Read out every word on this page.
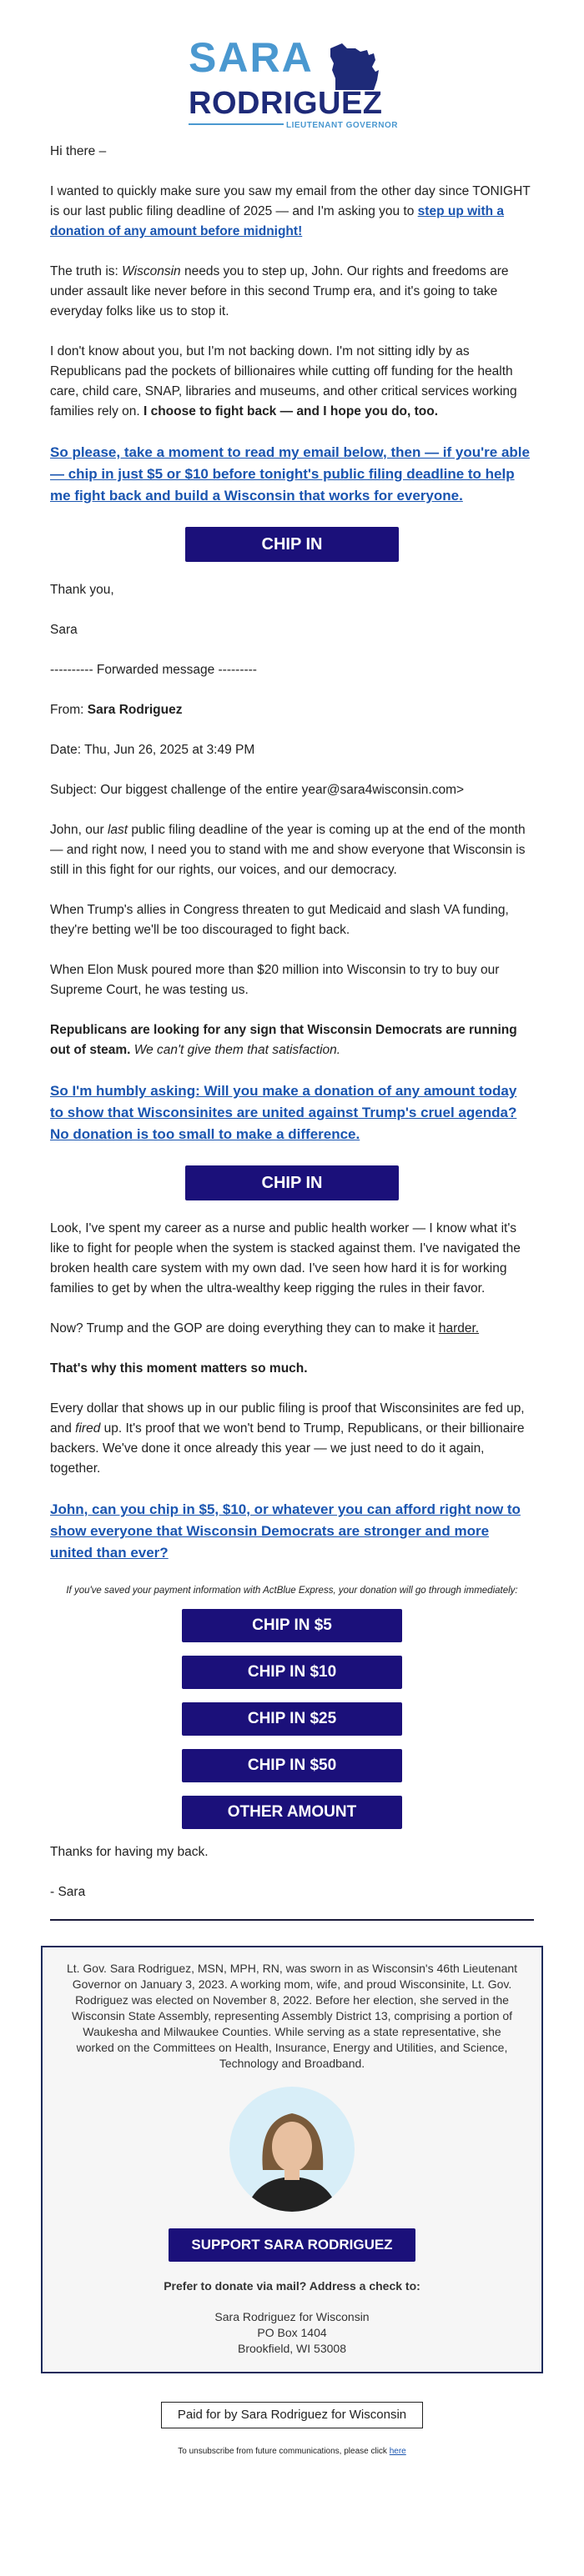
SARA
RODRIGUEZ
LIEUTENANT GOVERNOR

Hi there –

I wanted to quickly make sure you saw my email from the other day since TONIGHT is our last public filing deadline of 2025 — and I'm asking you to step up with a donation of any amount before midnight!

The truth is: Wisconsin needs you to step up, John. Our rights and freedoms are under assault like never before in this second Trump era, and it's going to take everyday folks like us to stop it.

I don't know about you, but I'm not backing down. I'm not sitting idly by as Republicans pad the pockets of billionaires while cutting off funding for the health care, child care, SNAP, libraries and museums, and other critical services working families rely on. I choose to fight back — and I hope you do, too.

So please, take a moment to read my email below, then — if you're able — chip in just $5 or $10 before tonight's public filing deadline to help me fight back and build a Wisconsin that works for everyone.

CHIP IN

Thank you,

Sara

---------- Forwarded message ---------

From: Sara Rodriguez

Date: Thu, Jun 26, 2025 at 3:49 PM

Subject: Our biggest challenge of the entire year@sara4wisconsin.com>

John, our last public filing deadline of the year is coming up at the end of the month — and right now, I need you to stand with me and show everyone that Wisconsin is still in this fight for our rights, our voices, and our democracy.

When Trump's allies in Congress threaten to gut Medicaid and slash VA funding, they're betting we'll be too discouraged to fight back.

When Elon Musk poured more than $20 million into Wisconsin to try to buy our Supreme Court, he was testing us.

Republicans are looking for any sign that Wisconsin Democrats are running out of steam. We can't give them that satisfaction.

So I'm humbly asking: Will you make a donation of any amount today to show that Wisconsinites are united against Trump's cruel agenda? No donation is too small to make a difference.

CHIP IN

Look, I've spent my career as a nurse and public health worker — I know what it's like to fight for people when the system is stacked against them. I've navigated the broken health care system with my own dad. I've seen how hard it is for working families to get by when the ultra-wealthy keep rigging the rules in their favor.

Now? Trump and the GOP are doing everything they can to make it harder.

That's why this moment matters so much.

Every dollar that shows up in our public filing is proof that Wisconsinites are fed up, and fired up. It's proof that we won't bend to Trump, Republicans, or their billionaire backers. We've done it once already this year — we just need to do it again, together.

John, can you chip in $5, $10, or whatever you can afford right now to show everyone that Wisconsin Democrats are stronger and more united than ever?

If you've saved your payment information with ActBlue Express, your donation will go through immediately:

CHIP IN $5
CHIP IN $10
CHIP IN $25
CHIP IN $50
OTHER AMOUNT

Thanks for having my back.

- Sara

Lt. Gov. Sara Rodriguez, MSN, MPH, RN, was sworn in as Wisconsin's 46th Lieutenant Governor on January 3, 2023. A working mom, wife, and proud Wisconsinite, Lt. Gov. Rodriguez was elected on November 8, 2022. Before her election, she served in the Wisconsin State Assembly, representing Assembly District 13, comprising a portion of Waukesha and Milwaukee Counties. While serving as a state representative, she worked on the Committees on Health, Insurance, Energy and Utilities, and Science, Technology and Broadband.
SUPPORT SARA RODRIGUEZ
Prefer to donate via mail? Address a check to:
Sara Rodriguez for Wisconsin
PO Box 1404
Brookfield, WI 53008
Paid for by Sara Rodriguez for Wisconsin
To unsubscribe from future communications, please click here
